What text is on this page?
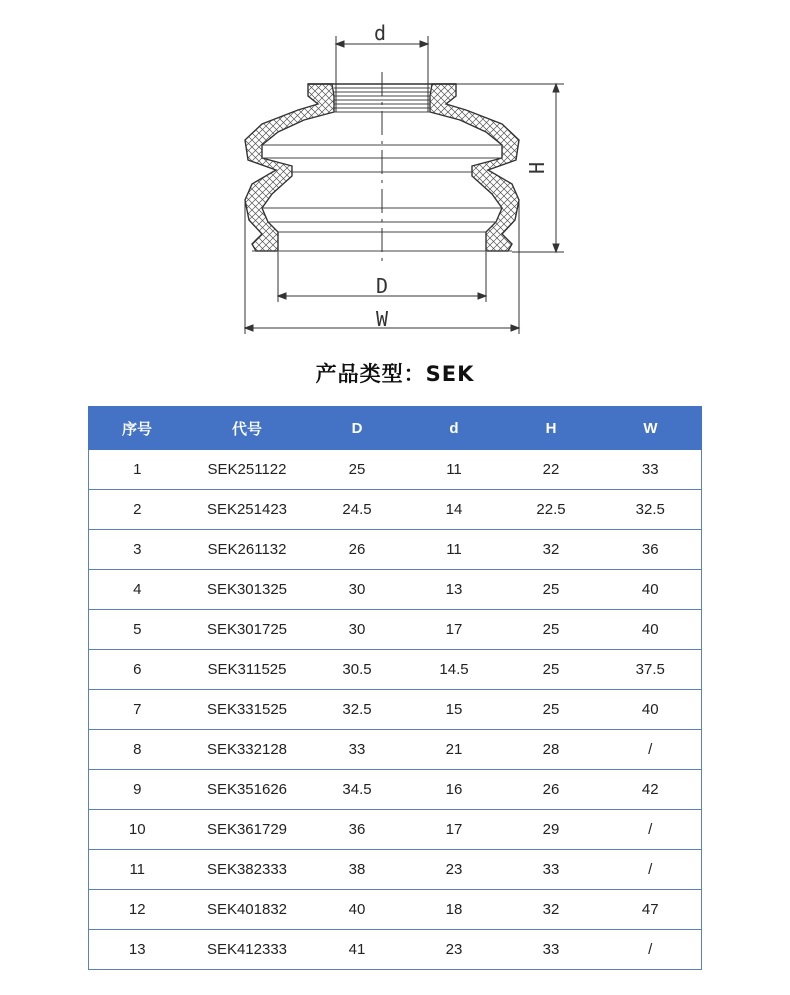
d
H
D
W
产品类型：SEK
序号	代号	D	d	H	W
1	SEK251122	25	11	22	33
2	SEK251423	24.5	14	22.5	32.5
3	SEK261132	26	11	32	36
4	SEK301325	30	13	25	40
5	SEK301725	30	17	25	40
6	SEK311525	30.5	14.5	25	37.5
7	SEK331525	32.5	15	25	40
8	SEK332128	33	21	28	/
9	SEK351626	34.5	16	26	42
10	SEK361729	36	17	29	/
11	SEK382333	38	23	33	/
12	SEK401832	40	18	32	47
13	SEK412333	41	23	33	/
